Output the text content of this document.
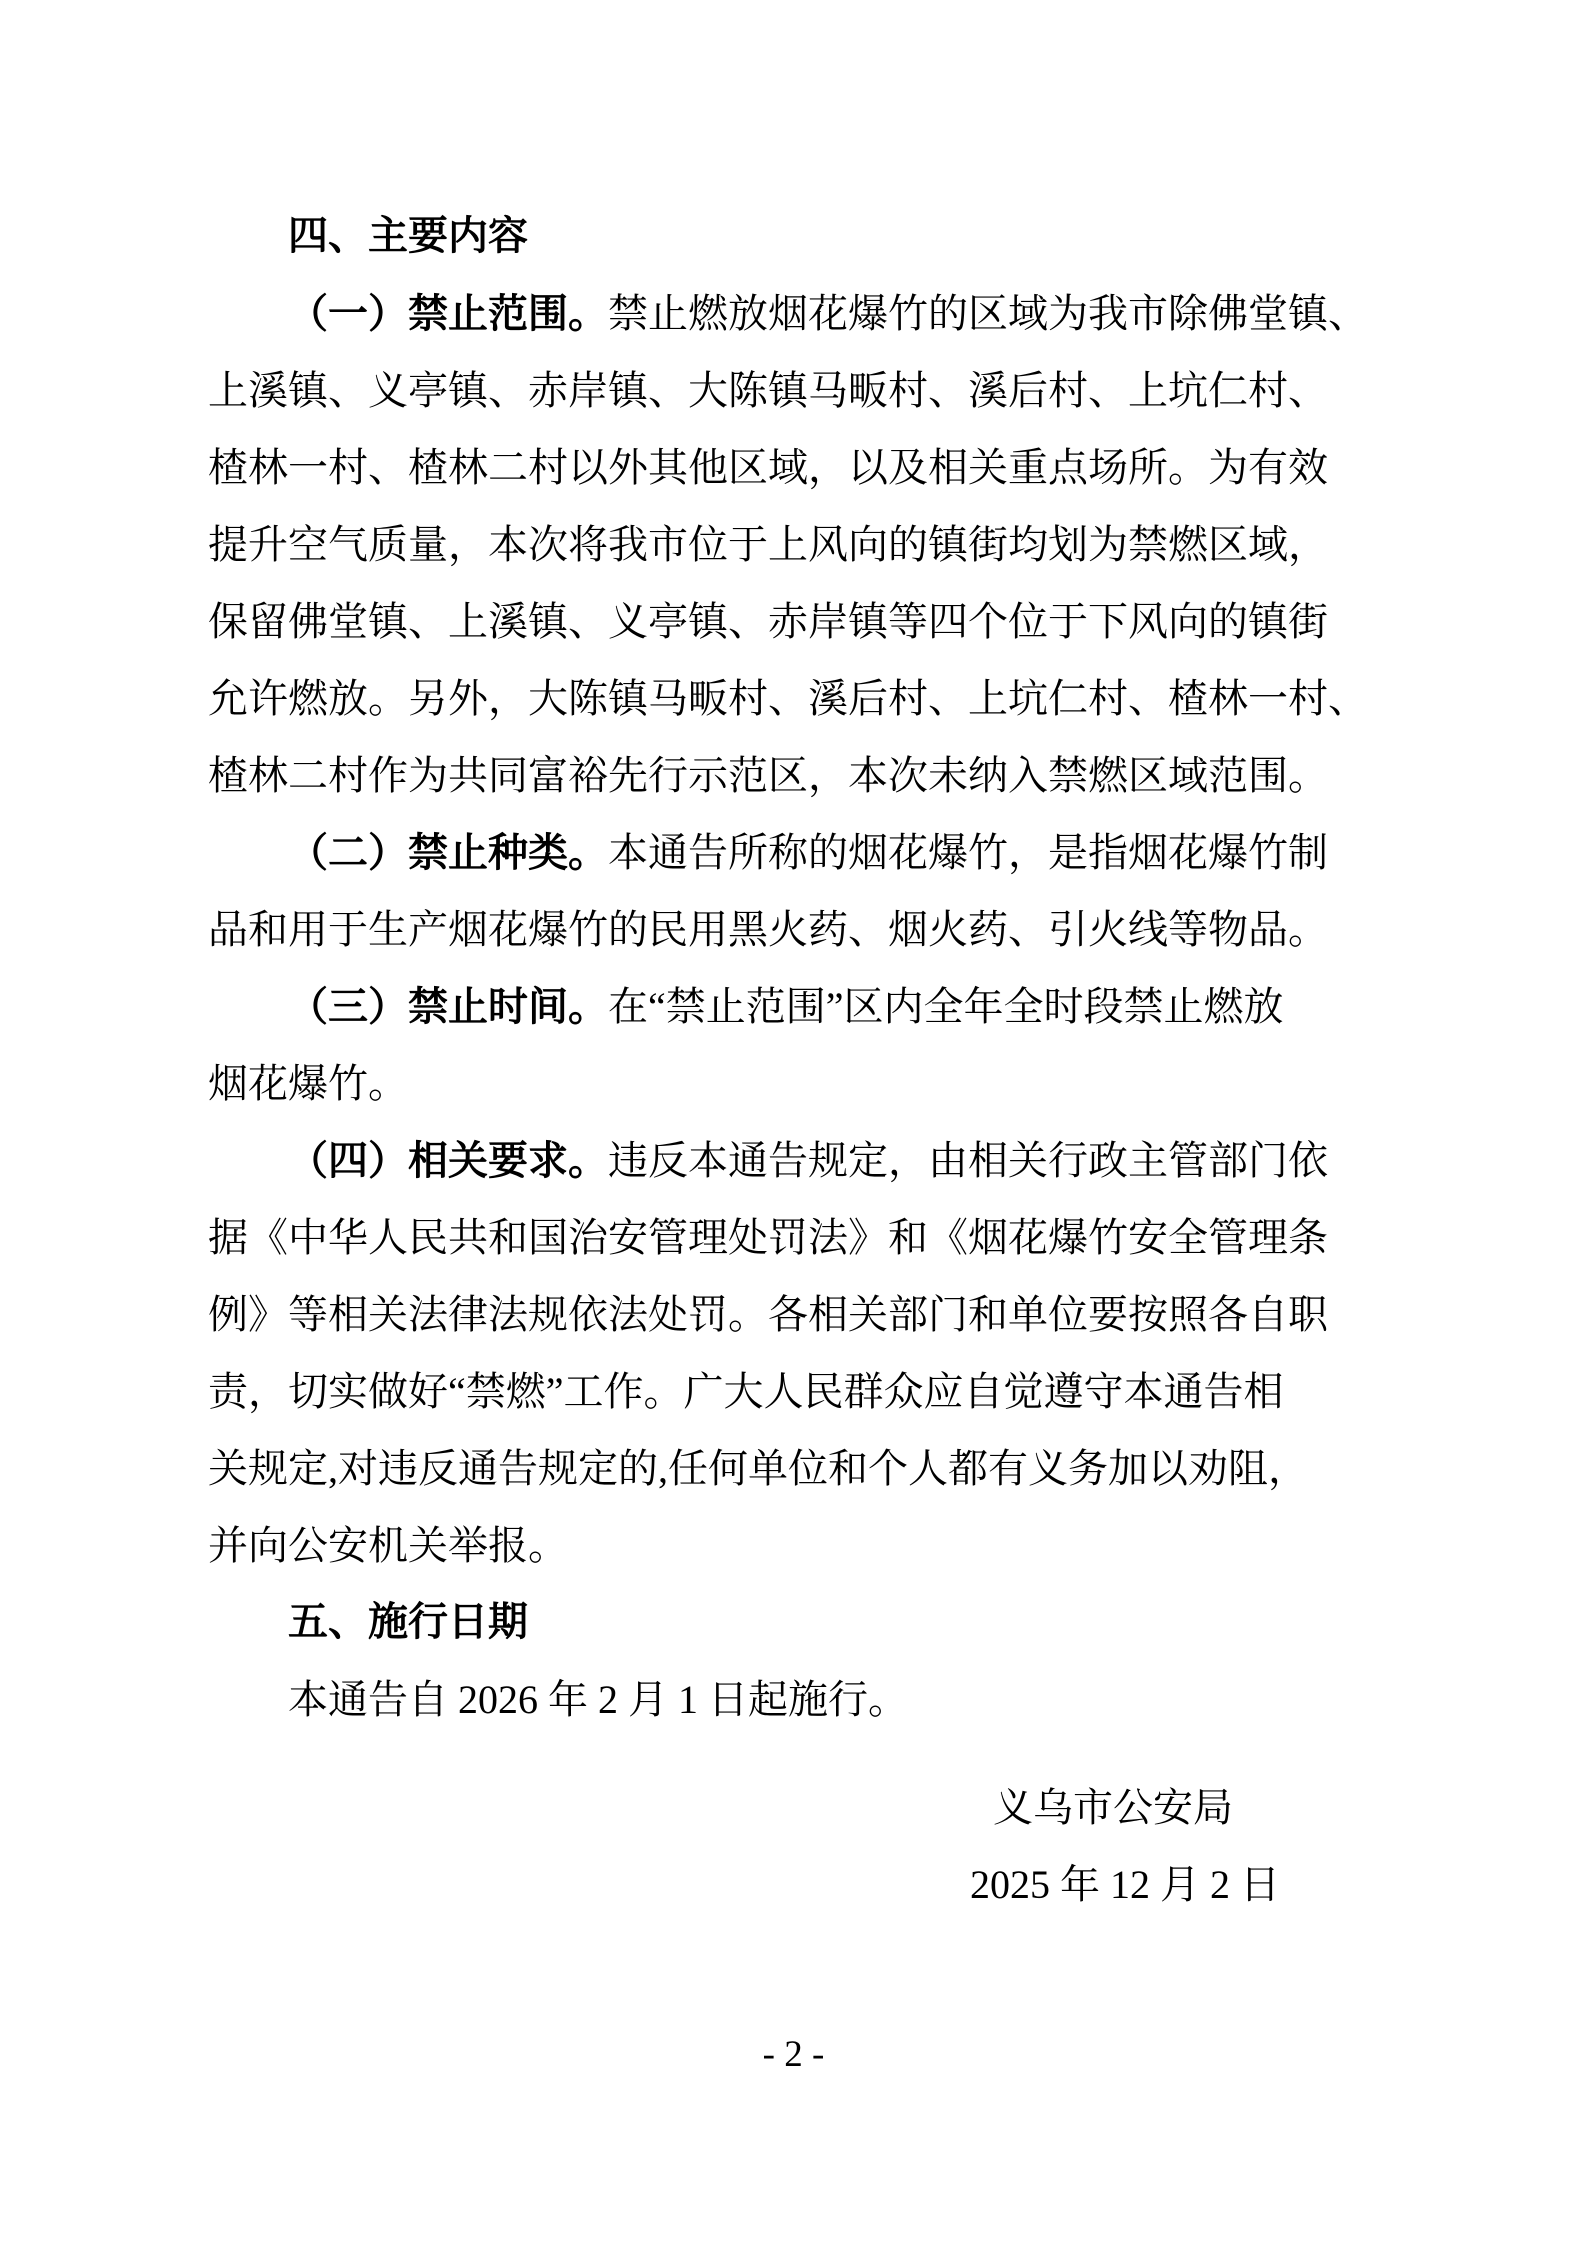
四、主要内容
（一）禁止范围。禁止燃放烟花爆竹的区域为我市除佛堂镇、
上溪镇、义亭镇、赤岸镇、大陈镇马畈村、溪后村、上坑仁村、
楂林一村、楂林二村以外其他区域，以及相关重点场所。为有效
提升空气质量，本次将我市位于上风向的镇街均划为禁燃区域，
保留佛堂镇、上溪镇、义亭镇、赤岸镇等四个位于下风向的镇街
允许燃放。另外，大陈镇马畈村、溪后村、上坑仁村、楂林一村、
楂林二村作为共同富裕先行示范区，本次未纳入禁燃区域范围。
（二）禁止种类。本通告所称的烟花爆竹，是指烟花爆竹制
品和用于生产烟花爆竹的民用黑火药、烟火药、引火线等物品。
（三）禁止时间。在“禁止范围”区内全年全时段禁止燃放
烟花爆竹。
（四）相关要求。违反本通告规定，由相关行政主管部门依
据《中华人民共和国治安管理处罚法》和《烟花爆竹安全管理条
例》等相关法律法规依法处罚。各相关部门和单位要按照各自职
责，切实做好“禁燃”工作。广大人民群众应自觉遵守本通告相
关规定,对违反通告规定的,任何单位和个人都有义务加以劝阻，
并向公安机关举报。
五、施行日期
本通告自 2026 年 2 月 1 日起施行。
义乌市公安局
2025 年 12 月 2 日
- 2 -
